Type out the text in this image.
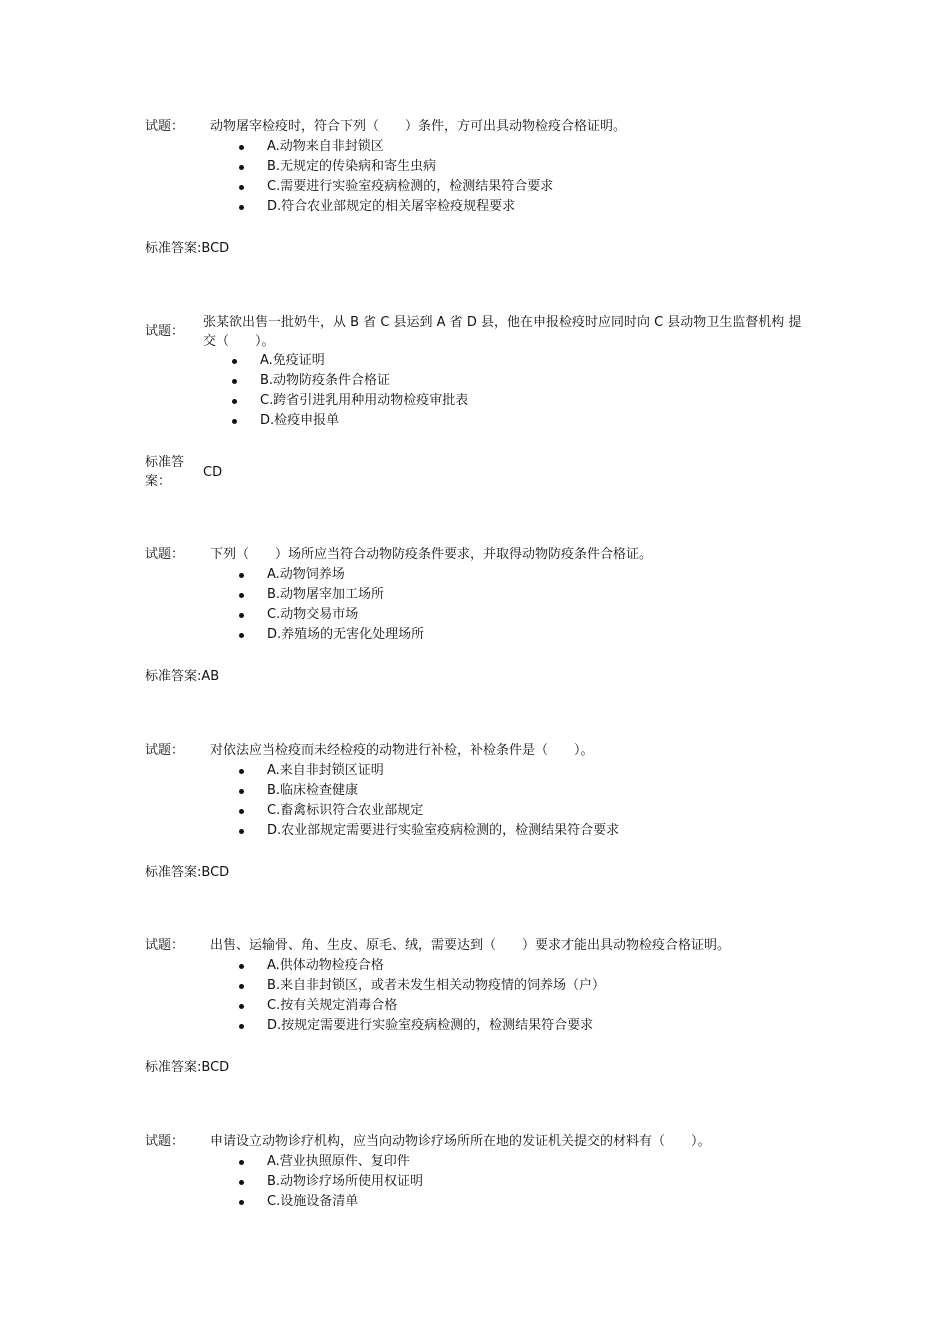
试题： 动物屠宰检疫时，符合下列（　　）条件，方可出具动物检疫合格证明。
A.动物来自非封锁区
B.无规定的传染病和寄生虫病
C.需要进行实验室疫病检测的，检测结果符合要求
D.符合农业部规定的相关屠宰检疫规程要求
标准答案:BCD
试题：
张某欲出售一批奶牛，从 B 省 C 县运到 A 省 D 县，他在申报检疫时应同时向 C 县动物卫生监督机构 提交（　　）。
A.免疫证明
B.动物防疫条件合格证
C.跨省引进乳用种用动物检疫审批表
D.检疫申报单
标准答案：
CD
试题： 下列（　　）场所应当符合动物防疫条件要求，并取得动物防疫条件合格证。
A.动物饲养场
B.动物屠宰加工场所
C.动物交易市场
D.养殖场的无害化处理场所
标准答案:AB
试题： 对依法应当检疫而未经检疫的动物进行补检，补检条件是（　　）。
A.来自非封锁区证明
B.临床检查健康
C.畜禽标识符合农业部规定
D.农业部规定需要进行实验室疫病检测的，检测结果符合要求
标准答案:BCD
试题： 出售、运输骨、角、生皮、原毛、绒，需要达到（　　）要求才能出具动物检疫合格证明。
A.供体动物检疫合格
B.来自非封锁区，或者未发生相关动物疫情的饲养场（户）
C.按有关规定消毒合格
D.按规定需要进行实验室疫病检测的，检测结果符合要求
标准答案:BCD
试题： 申请设立动物诊疗机构，应当向动物诊疗场所所在地的发证机关提交的材料有（　　）。
A.营业执照原件、复印件
B.动物诊疗场所使用权证明
C.设施设备清单
